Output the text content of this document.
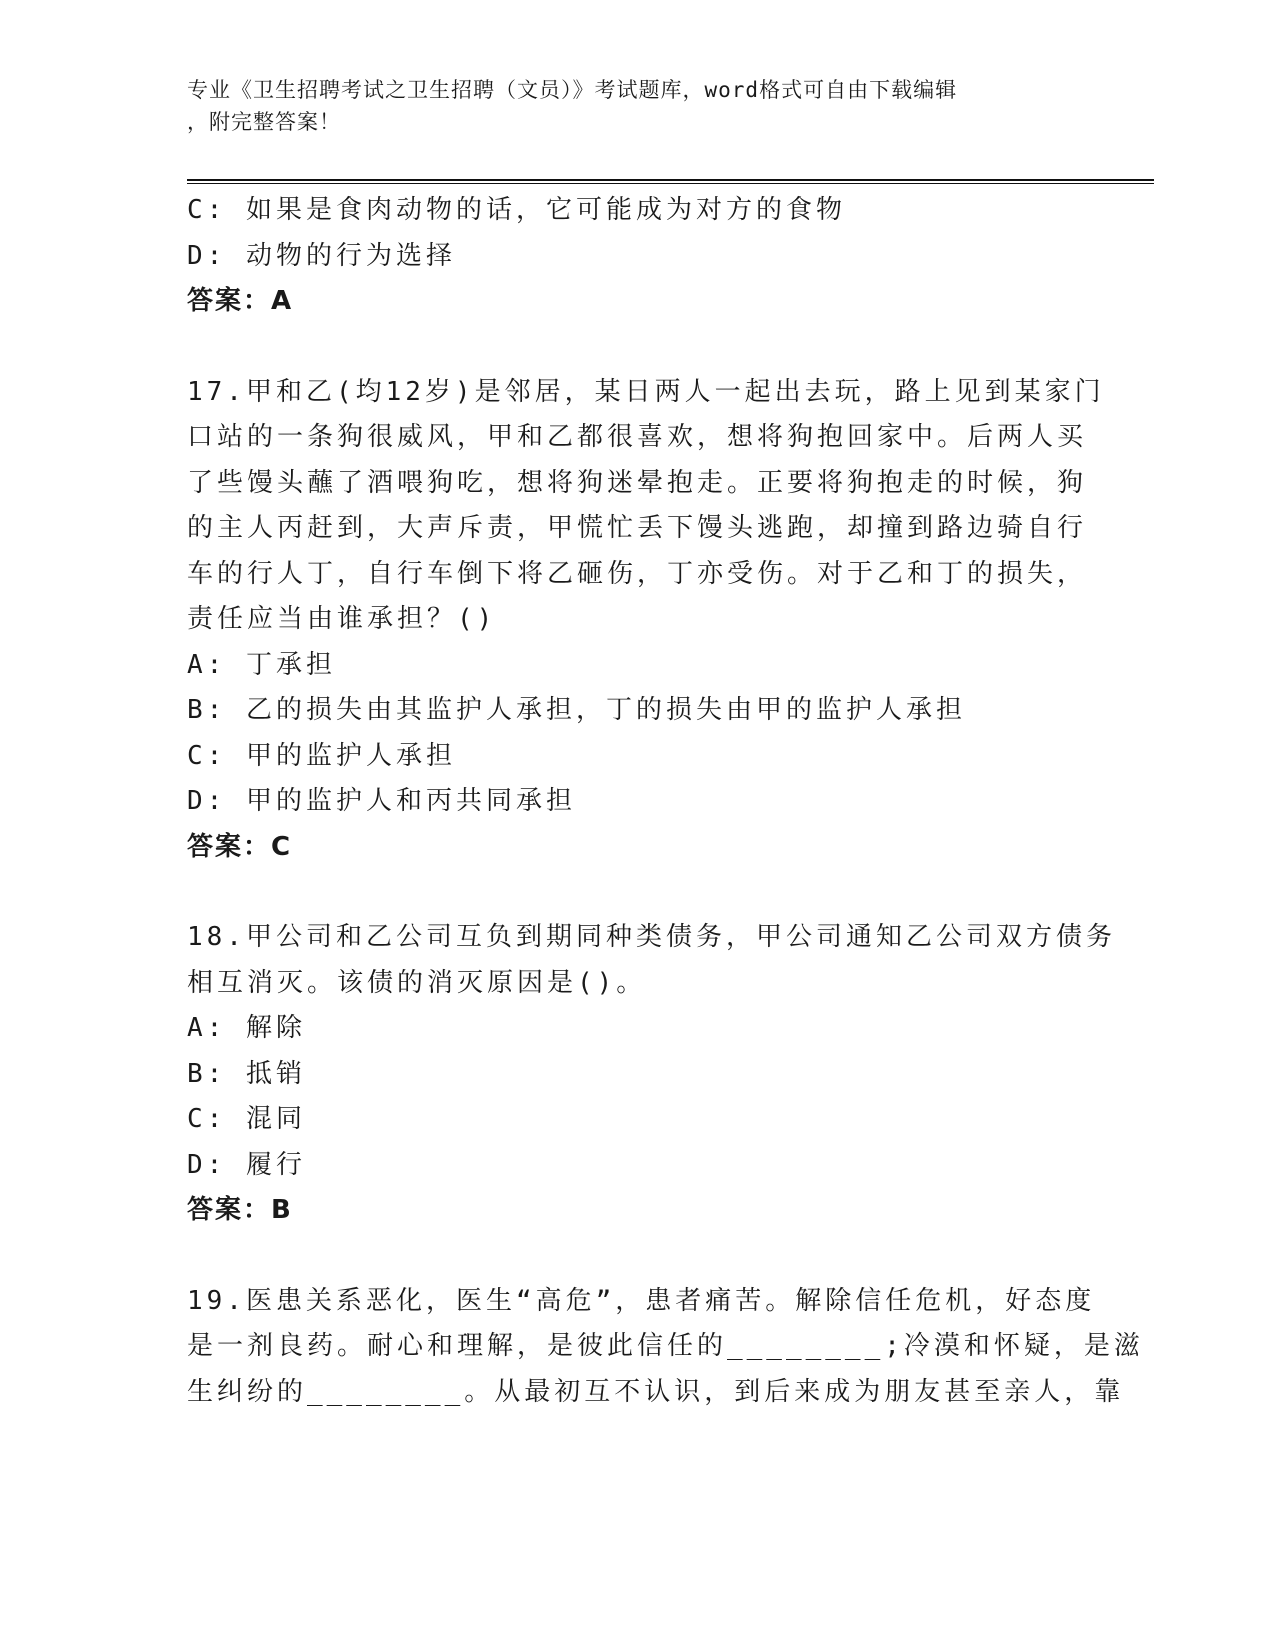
专业《卫生招聘考试之卫生招聘（文员）》考试题库，word格式可自由下载编辑
，附完整答案！
C: 如果是食肉动物的话，它可能成为对方的食物
D: 动物的行为选择
答案：A
17.甲和乙(均12岁)是邻居，某日两人一起出去玩，路上见到某家门
口站的一条狗很威风，甲和乙都很喜欢，想将狗抱回家中。后两人买
了些馒头蘸了酒喂狗吃，想将狗迷晕抱走。正要将狗抱走的时候，狗
的主人丙赶到，大声斥责，甲慌忙丢下馒头逃跑，却撞到路边骑自行
车的行人丁，自行车倒下将乙砸伤，丁亦受伤。对于乙和丁的损失，
责任应当由谁承担？()
A: 丁承担
B: 乙的损失由其监护人承担，丁的损失由甲的监护人承担
C: 甲的监护人承担
D: 甲的监护人和丙共同承担
答案：C
18.甲公司和乙公司互负到期同种类债务，甲公司通知乙公司双方债务
相互消灭。该债的消灭原因是()。
A: 解除
B: 抵销
C: 混同
D: 履行
答案：B
19.医患关系恶化，医生“高危”，患者痛苦。解除信任危机，好态度
是一剂良药。耐心和理解，是彼此信任的________;冷漠和怀疑，是滋
生纠纷的________。从最初互不认识，到后来成为朋友甚至亲人，靠
